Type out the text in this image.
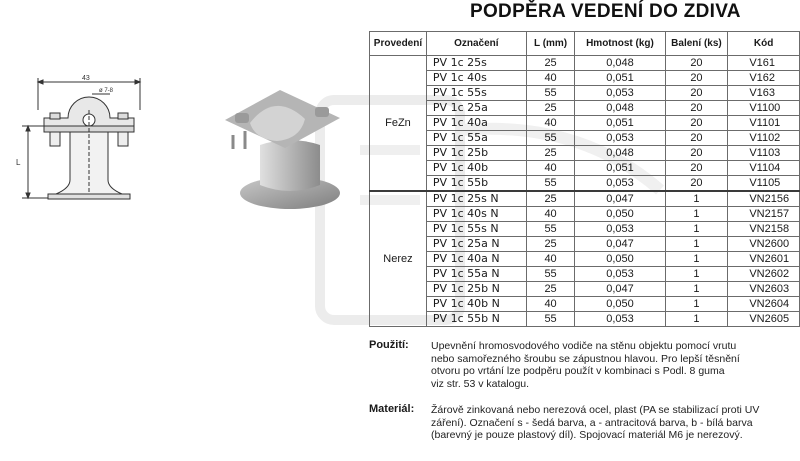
PODPĚRA VEDENÍ DO ZDIVA
43
ø 7-8
L
Provedení	Označení	L (mm)	Hmotnost (kg)	Balení (ks)	Kód
FeZn	PV 1c 25s	25	0,048	20	V161
	PV 1c 40s	40	0,051	20	V162
	PV 1c 55s	55	0,053	20	V163
	PV 1c 25a	25	0,048	20	V1100
	PV 1c 40a	40	0,051	20	V1101
	PV 1c 55a	55	0,053	20	V1102
	PV 1c 25b	25	0,048	20	V1103
	PV 1c 40b	40	0,051	20	V1104
	PV 1c 55b	55	0,053	20	V1105
Nerez	PV 1c 25s N	25	0,047	1	VN2156
	PV 1c 40s N	40	0,050	1	VN2157
	PV 1c 55s N	55	0,053	1	VN2158
	PV 1c 25a N	25	0,047	1	VN2600
	PV 1c 40a N	40	0,050	1	VN2601
	PV 1c 55a N	55	0,053	1	VN2602
	PV 1c 25b N	25	0,047	1	VN2603
	PV 1c 40b N	40	0,050	1	VN2604
	PV 1c 55b N	55	0,053	1	VN2605
Použití: Upevnění hromosvodového vodiče na stěnu objektu pomocí vrutu
nebo samořezného šroubu se zápustnou hlavou. Pro lepší těsnění
otvoru po vrtání lze podpěru použít v kombinaci s Podl. 8 guma
viz str. 53 v katalogu.
Materiál: Žárově zinkovaná nebo nerezová ocel, plast (PA se stabilizací proti UV
záření). Označení s - šedá barva, a - antracitová barva, b - bílá barva
(barevný je pouze plastový díl). Spojovací materiál M6 je nerezový.
